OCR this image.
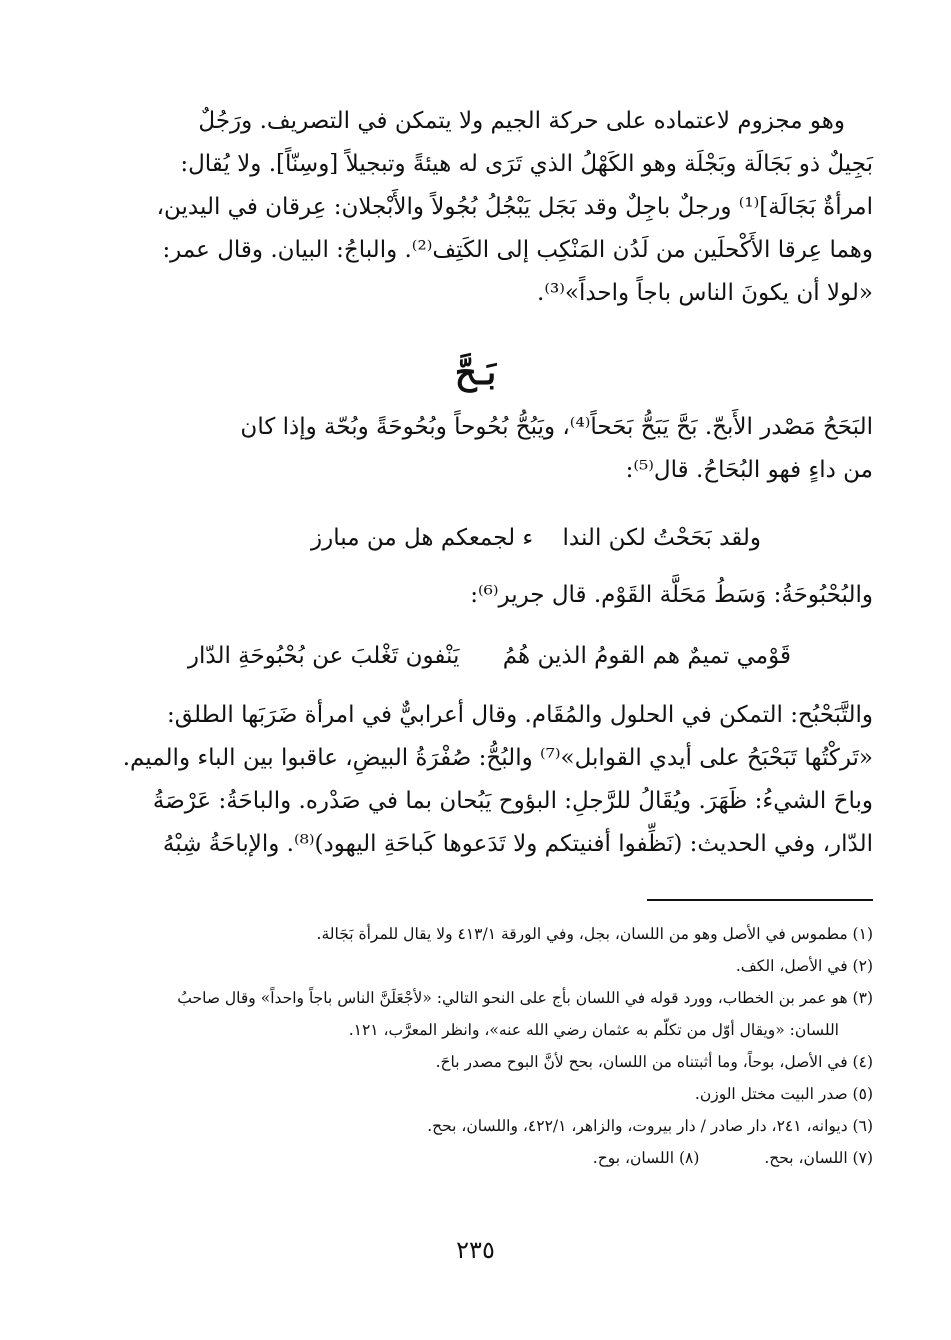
وهو مجزوم لاعتماده على حركة الجيم ولا يتمكن في التصريف. ورَجُلٌ
بَجِيلٌ ذو بَجَالَة وبَجْلَة وهو الكَهْلُ الذي تَرَى له هيئةً وتبجيلاً [وسِنّاً]. ولا يُقال:
امرأةٌ بَجَالَة]⁽¹⁾ ورجلٌ باجِلٌ وقد بَجَل يَبْجُلُ بُجُولاً والأَبْجلان: عِرقان في اليدين،
وهما عِرقا الأَكْحلَين من لَدُن المَنْكِب إلى الكَتِف⁽²⁾. والباجُ: البيان. وقال عمر:
«لولا أن يكونَ الناس باجاً واحداً»⁽³⁾.
بَـحَّ
البَحَحُ مَصْدر الأَبحّ. بَحَّ يَبَحُّ بَحَحاً⁽⁴⁾، ويَبُحُّ بُحُوحاً وبُحُوحَةً وبُحّة وإذا كان
من داءٍ فهو البُحَاحُ. قال⁽⁵⁾:
ولقد بَحَحْتُ لكن الندا ء لجمعكم هل من مبارز
والبُحْبُوحَةُ: وَسَطُ مَحَلَّة القَوْم. قال جرير⁽⁶⁾:
قَوْمي تميمٌ هم القومُ الذين هُمُ يَنْفون تَغْلبَ عن بُحْبُوحَةِ الدّار
والتَّبَحْبُح: التمكن في الحلول والمُقَام. وقال أعرابيٌّ في امرأة ضَرَبَها الطلق:
«تَركْتُها تَبَحْبَحُ على أيدي القوابل»⁽⁷⁾ والبُحُّ: صُفْرَةُ البيضِ، عاقبوا بين الباء والميم.
وباحَ الشيءُ: ظَهَرَ. ويُقَالُ للرَّجلِ: البؤوح يَبُحان بما في صَدْره. والباحَةُ: عَرْصَةُ
الدّار، وفي الحديث: (نَظِّفوا أفنيتكم ولا تَدَعوها كَباحَةِ اليهود)⁽⁸⁾. والإباحَةُ شِبْهُ
(١) مطموس في الأصل وهو من اللسان، بجل، وفي الورقة ٤١٣/١ ولا يقال للمرأة بَجَالة.
(٢) في الأصل، الكف.
(٣) هو عمر بن الخطاب، وورد قوله في اللسان بأج على النحو التالي: «لأجْعَلَنَّ الناس باجاً واحداً» وقال صاحبُ
اللسان: «ويقال أوّل من تكلّم به عثمان رضي الله عنه»، وانظر المعرَّب، ١٢١.
(٤) في الأصل، بوحاً، وما أثبتناه من اللسان، بحح لأنَّ البوح مصدر باحَ.
(٥) صدر البيت مختل الوزن.
(٦) ديوانه، ٢٤١، دار صادر / دار بيروت، والزاهر، ٤٢٢/١، واللسان، بحح.
(٧) اللسان، بحح. (٨) اللسان، بوح.
٢٣٥
